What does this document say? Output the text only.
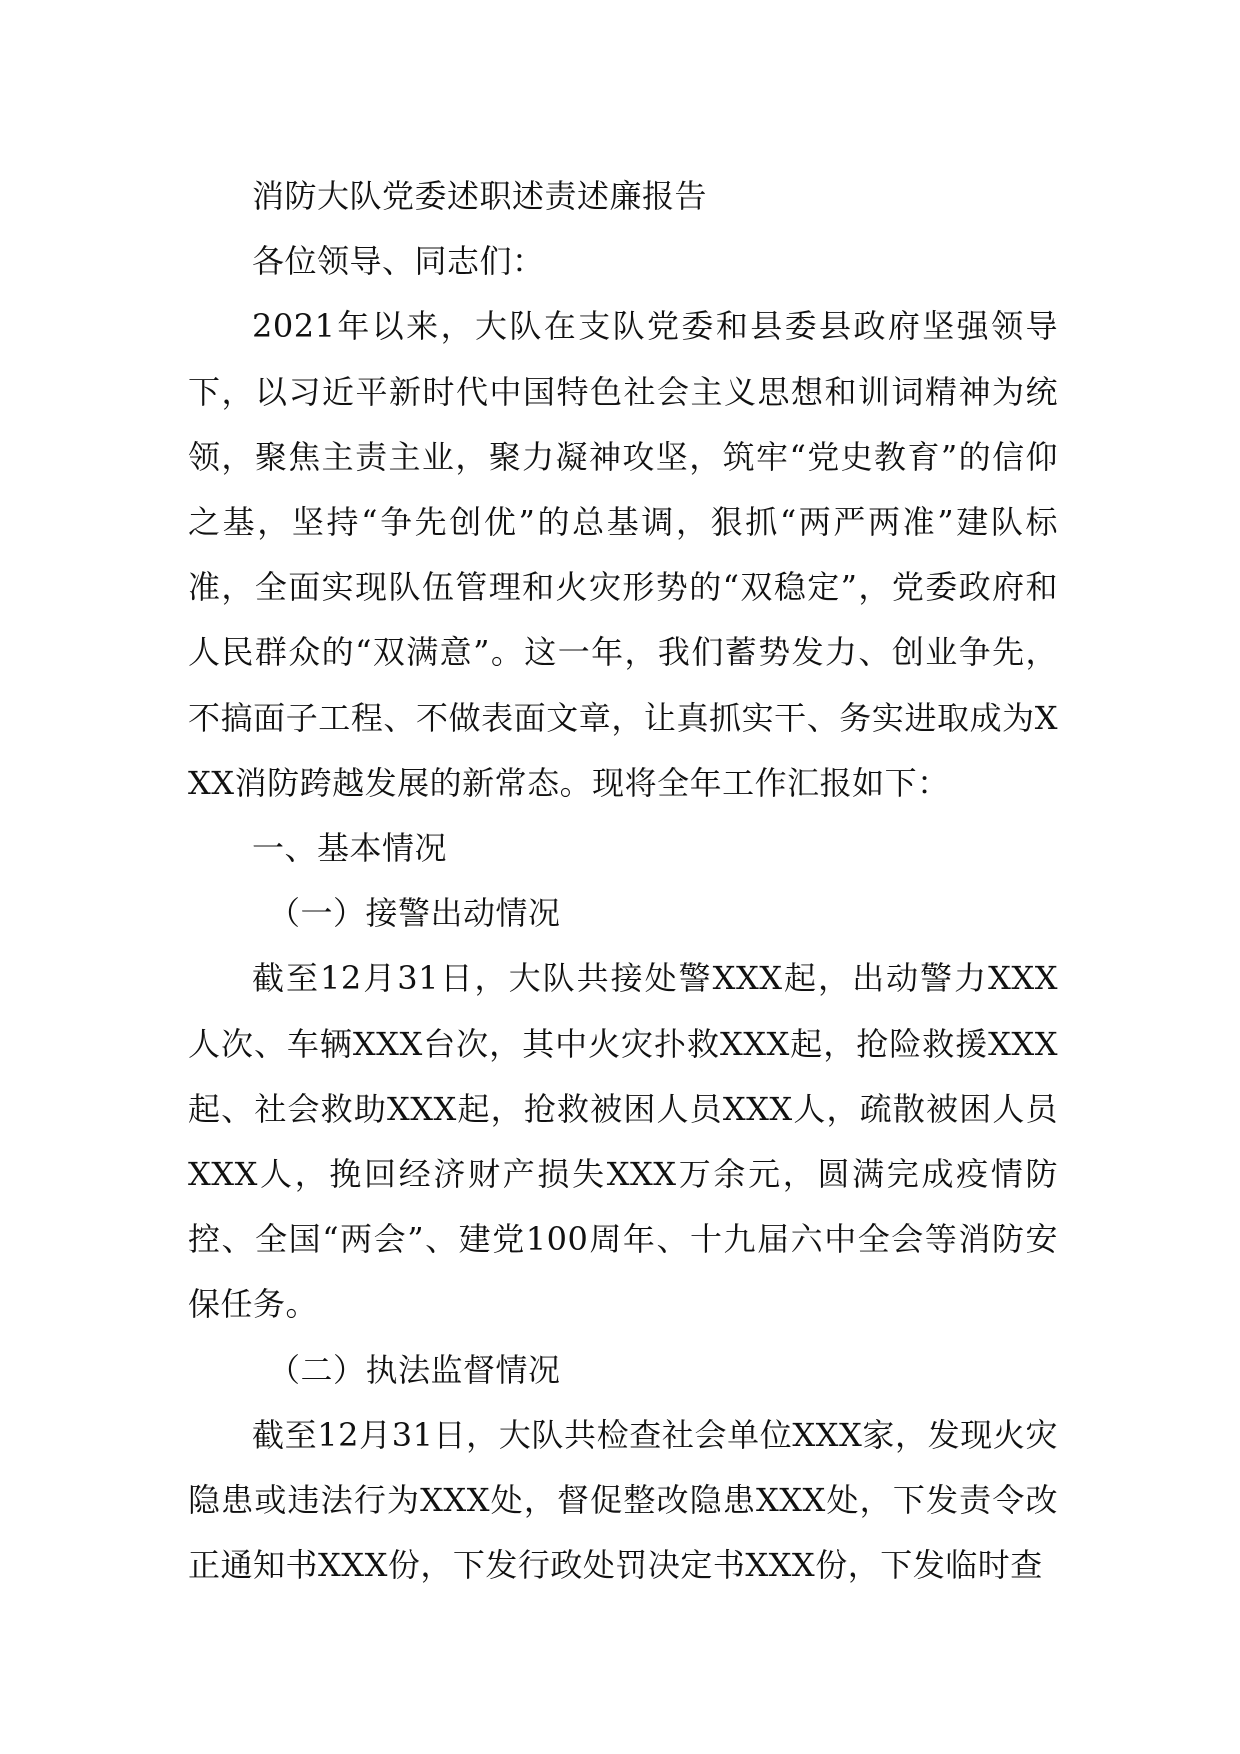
消防大队党委述职述责述廉报告

各位领导、同志们：

2021年以来，大队在支队党委和县委县政府坚强领导下，以习近平新时代中国特色社会主义思想和训词精神为统领，聚焦主责主业，聚力凝神攻坚，筑牢“党史教育”的信仰之基，坚持“争先创优”的总基调，狠抓“两严两准”建队标准，全面实现队伍管理和火灾形势的“双稳定”，党委政府和人民群众的“双满意”。这一年，我们蓄势发力、创业争先，不搞面子工程、不做表面文章，让真抓实干、务实进取成为XXX消防跨越发展的新常态。现将全年工作汇报如下：

一、基本情况

（一）接警出动情况

截至12月31日，大队共接处警XXX起，出动警力XXX人次、车辆XXX台次，其中火灾扑救XXX起，抢险救援XXX起、社会救助XXX起，抢救被困人员XXX人，疏散被困人员XXX人，挽回经济财产损失XXX万余元，圆满完成疫情防控、全国“两会”、建党100周年、十九届六中全会等消防安保任务。

（二）执法监督情况

截至12月31日，大队共检查社会单位XXX家，发现火灾隐患或违法行为XXX处，督促整改隐患XXX处，下发责令改正通知书XXX份，下发行政处罚决定书XXX份，下发临时查
